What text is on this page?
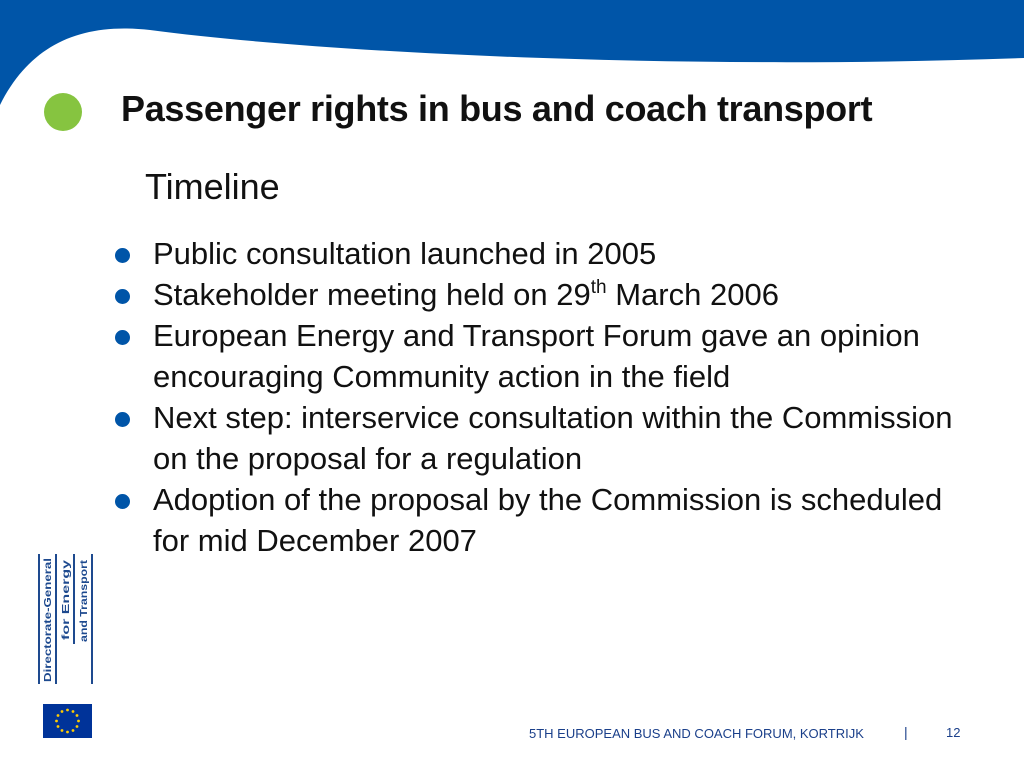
Passenger rights in bus and coach transport
Timeline
Public consultation launched in 2005
Stakeholder meeting held on 29th March 2006
European Energy and Transport Forum gave an opinion encouraging Community action in the field
Next step: interservice consultation within the Commission on the proposal for a regulation
Adoption of the proposal by the Commission is scheduled for mid December 2007
Directorate-General for Energy and Transport
5TH EUROPEAN BUS AND COACH FORUM, KORTRIJK	|	12
